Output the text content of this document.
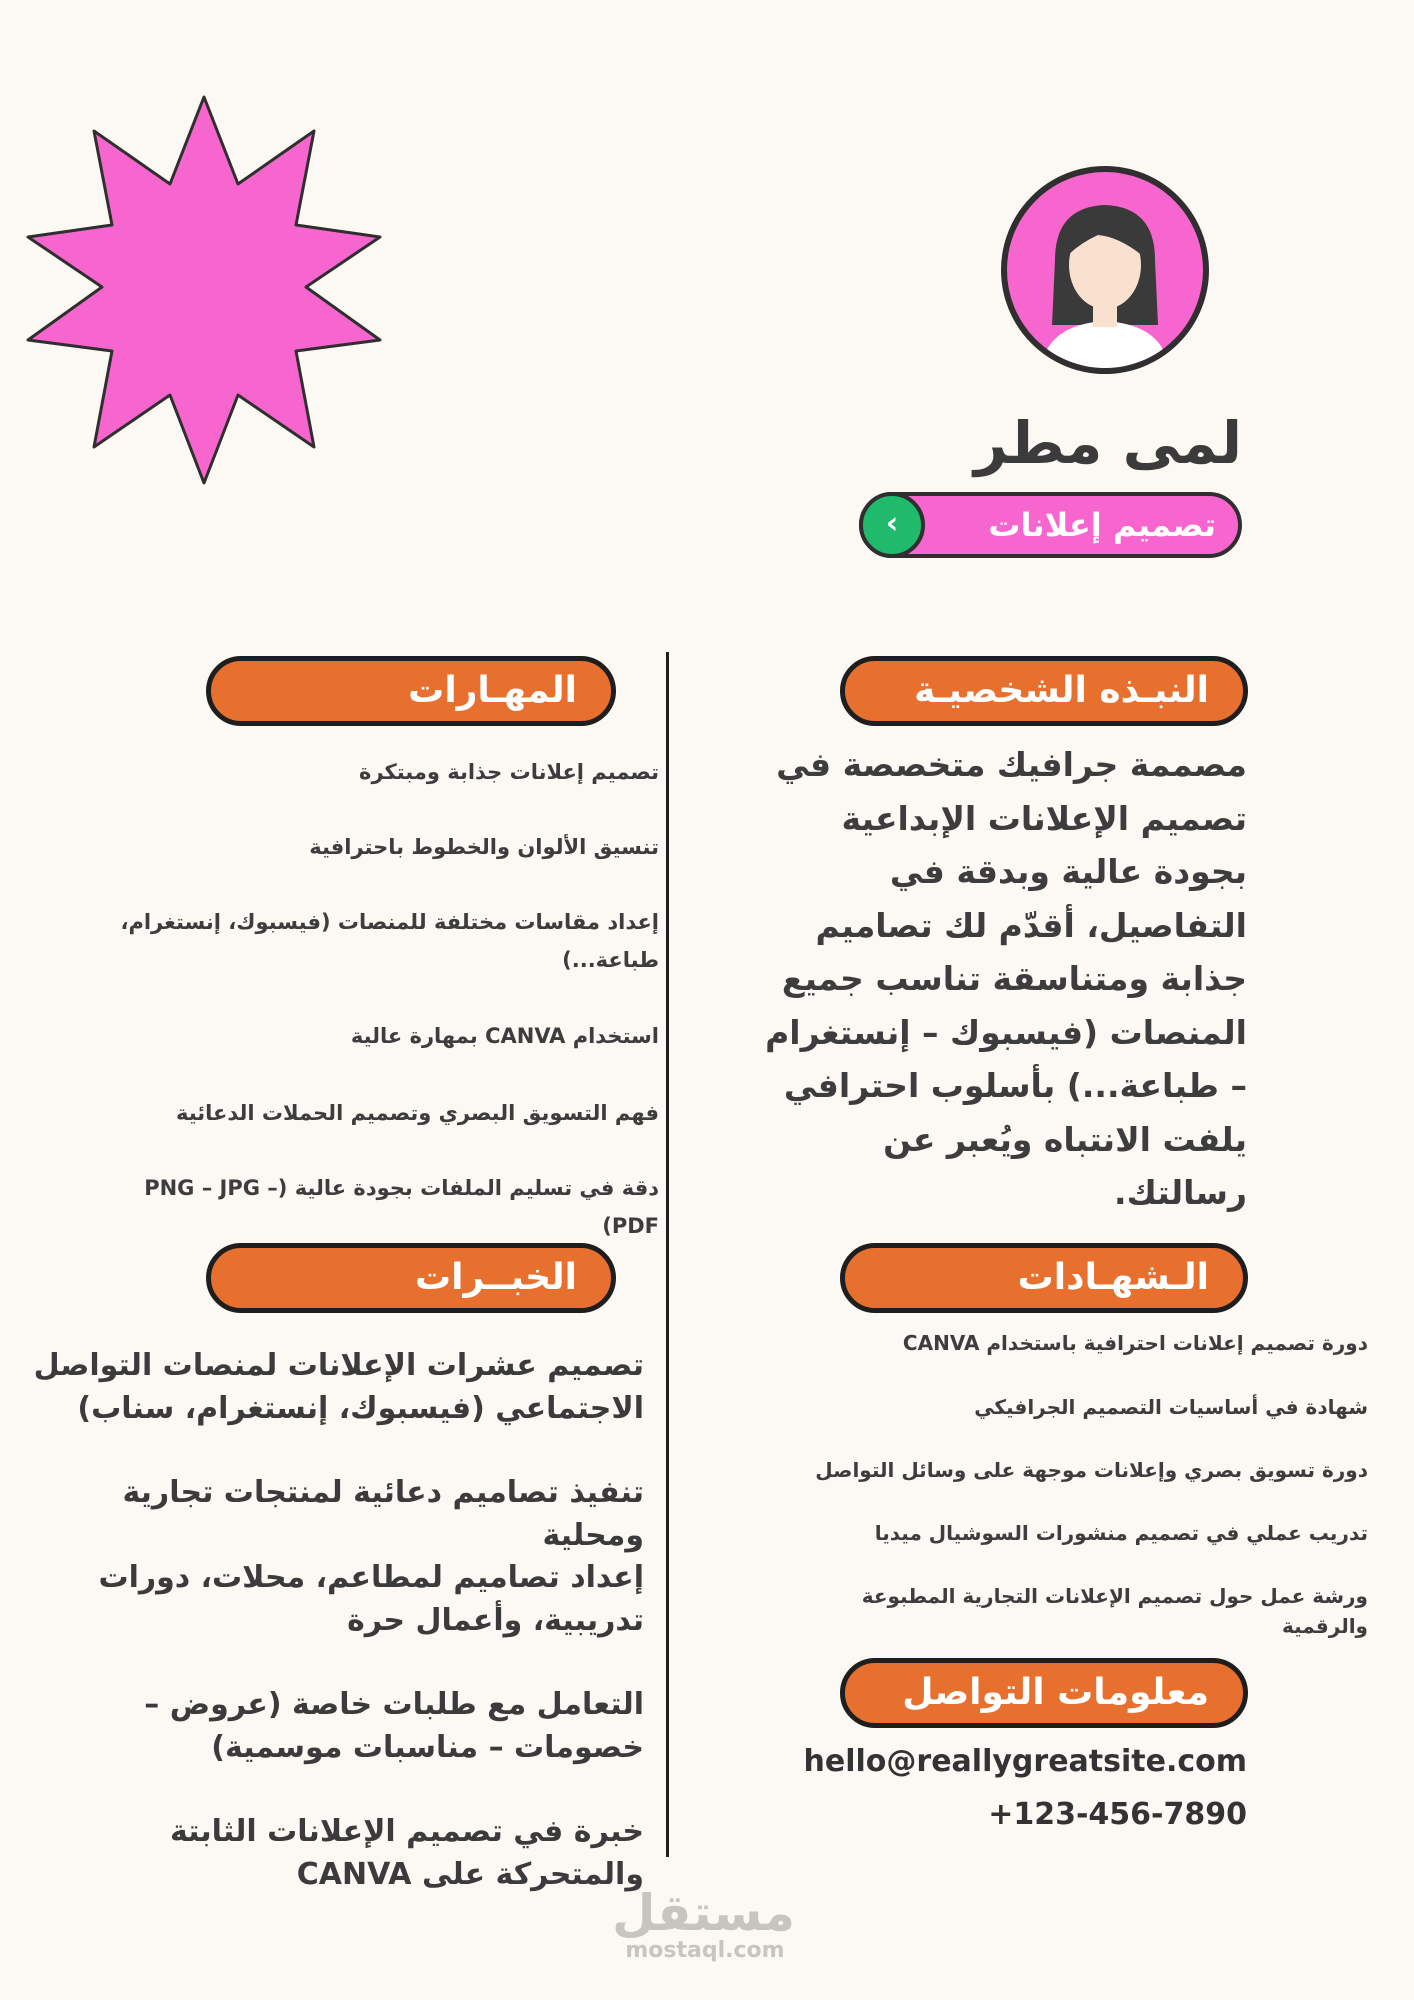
لمى مطر
تصميم إعلانات
›
النبـذه الشخصيـة

مصممة جرافيك متخصصة في تصميم الإعلانات الإبداعية بجودة عالية وبدقة في التفاصيل، أقدّم لك تصاميم جذابة ومتناسقة تناسب جميع المنصات (فيسبوك – إنستغرام – طباعة...) بأسلوب احترافي يلفت الانتباه ويُعبر عن رسالتك.

المهـارات
تصميم إعلانات جذابة ومبتكرة
تنسيق الألوان والخطوط باحترافية
إعداد مقاسات مختلفة للمنصات (فيسبوك، إنستغرام، طباعة...)
استخدام CANVA بمهارة عالية
فهم التسويق البصري وتصميم الحملات الدعائية
دقة في تسليم الملفات بجودة عالية (PNG – JPG – PDF)
الخبــرات
تصميم عشرات الإعلانات لمنصات التواصل الاجتماعي (فيسبوك، إنستغرام، سناب)
تنفيذ تصاميم دعائية لمنتجات تجارية ومحلية
إعداد تصاميم لمطاعم، محلات، دورات تدريبية، وأعمال حرة
التعامل مع طلبات خاصة (عروض – خصومات – مناسبات موسمية)
خبرة في تصميم الإعلانات الثابتة والمتحركة على CANVA
الـشهـادات
دورة تصميم إعلانات احترافية باستخدام CANVA
شهادة في أساسيات التصميم الجرافيكي
دورة تسويق بصري وإعلانات موجهة على وسائل التواصل
تدريب عملي في تصميم منشورات السوشيال ميديا
ورشة عمل حول تصميم الإعلانات التجارية المطبوعة والرقمية
معلومات التواصل
hello@reallygreatsite.com
+123-456-7890
مستقل
mostaql.com
